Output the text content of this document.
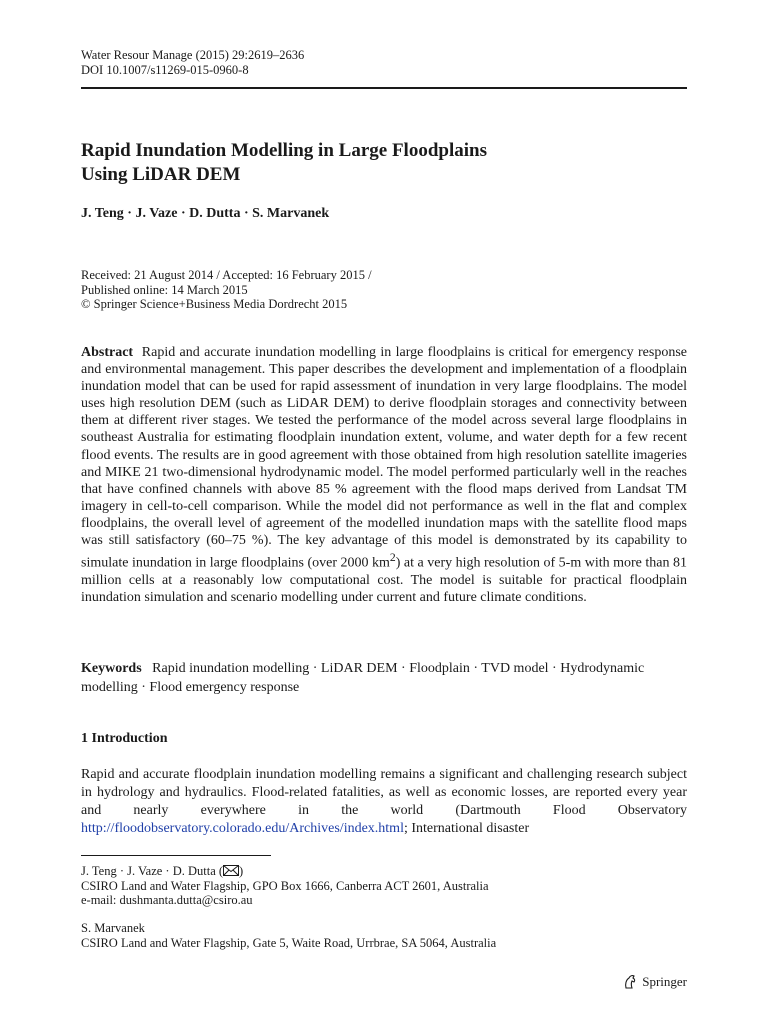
Water Resour Manage (2015) 29:2619–2636
DOI 10.1007/s11269-015-0960-8
Rapid Inundation Modelling in Large Floodplains
Using LiDAR DEM
J. Teng · J. Vaze · D. Dutta · S. Marvanek
Received: 21 August 2014 / Accepted: 16 February 2015 /
Published online: 14 March 2015
© Springer Science+Business Media Dordrecht 2015
Abstract Rapid and accurate inundation modelling in large floodplains is critical for emergency response and environmental management. This paper describes the development and implementation of a floodplain inundation model that can be used for rapid assessment of inundation in very large floodplains. The model uses high resolution DEM (such as LiDAR DEM) to derive floodplain storages and connectivity between them at different river stages. We tested the performance of the model across several large floodplains in southeast Australia for estimating floodplain inundation extent, volume, and water depth for a few recent flood events. The results are in good agreement with those obtained from high resolution satellite imageries and MIKE 21 two-dimensional hydrodynamic model. The model performed particularly well in the reaches that have confined channels with above 85 % agreement with the flood maps derived from Landsat TM imagery in cell-to-cell comparison. While the model did not performance as well in the flat and complex floodplains, the overall level of agreement of the modelled inundation maps with the satellite flood maps was still satisfactory (60–75 %). The key advantage of this model is demonstrated by its capability to simulate inundation in large floodplains (over 2000 $km^2$) at a very high resolution of 5-m with more than 81 million cells at a reasonably low computational cost. The model is suitable for practical floodplain inundation simulation and scenario modelling under current and future climate conditions.
Keywords Rapid inundation modelling · LiDAR DEM · Floodplain · TVD model · Hydrodynamic modelling · Flood emergency response
1 Introduction
Rapid and accurate floodplain inundation modelling remains a significant and challenging research subject in hydrology and hydraulics. Flood-related fatalities, as well as economic losses, are reported every year and nearly everywhere in the world (Dartmouth Flood Observatory http://floodobservatory.colorado.edu/Archives/index.html; International disaster
J. Teng · J. Vaze · D. Dutta ( )
CSIRO Land and Water Flagship, GPO Box 1666, Canberra ACT 2601, Australia
e-mail: dushmanta.dutta@csiro.au
S. Marvanek
CSIRO Land and Water Flagship, Gate 5, Waite Road, Urrbrae, SA 5064, Australia
Springer
